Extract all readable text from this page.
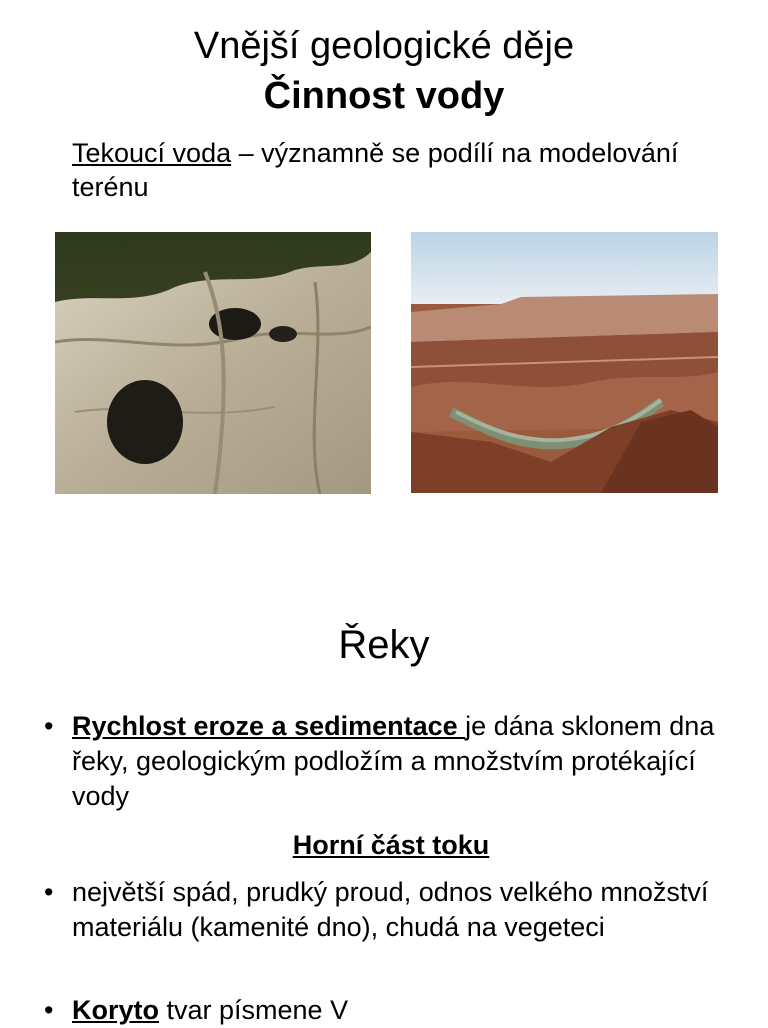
Vnější geologické děje
Činnost vody
Tekoucí voda – významně se podílí na modelování terénu
Řeky
• Rychlost eroze a sedimentace je dána sklonem dna řeky, geologickým podložím a množstvím protékající vody
Horní část toku
• největší spád, prudký proud, odnos velkého množství materiálu (kamenité dno), chudá na vegeteci
• Koryto tvar písmene V
